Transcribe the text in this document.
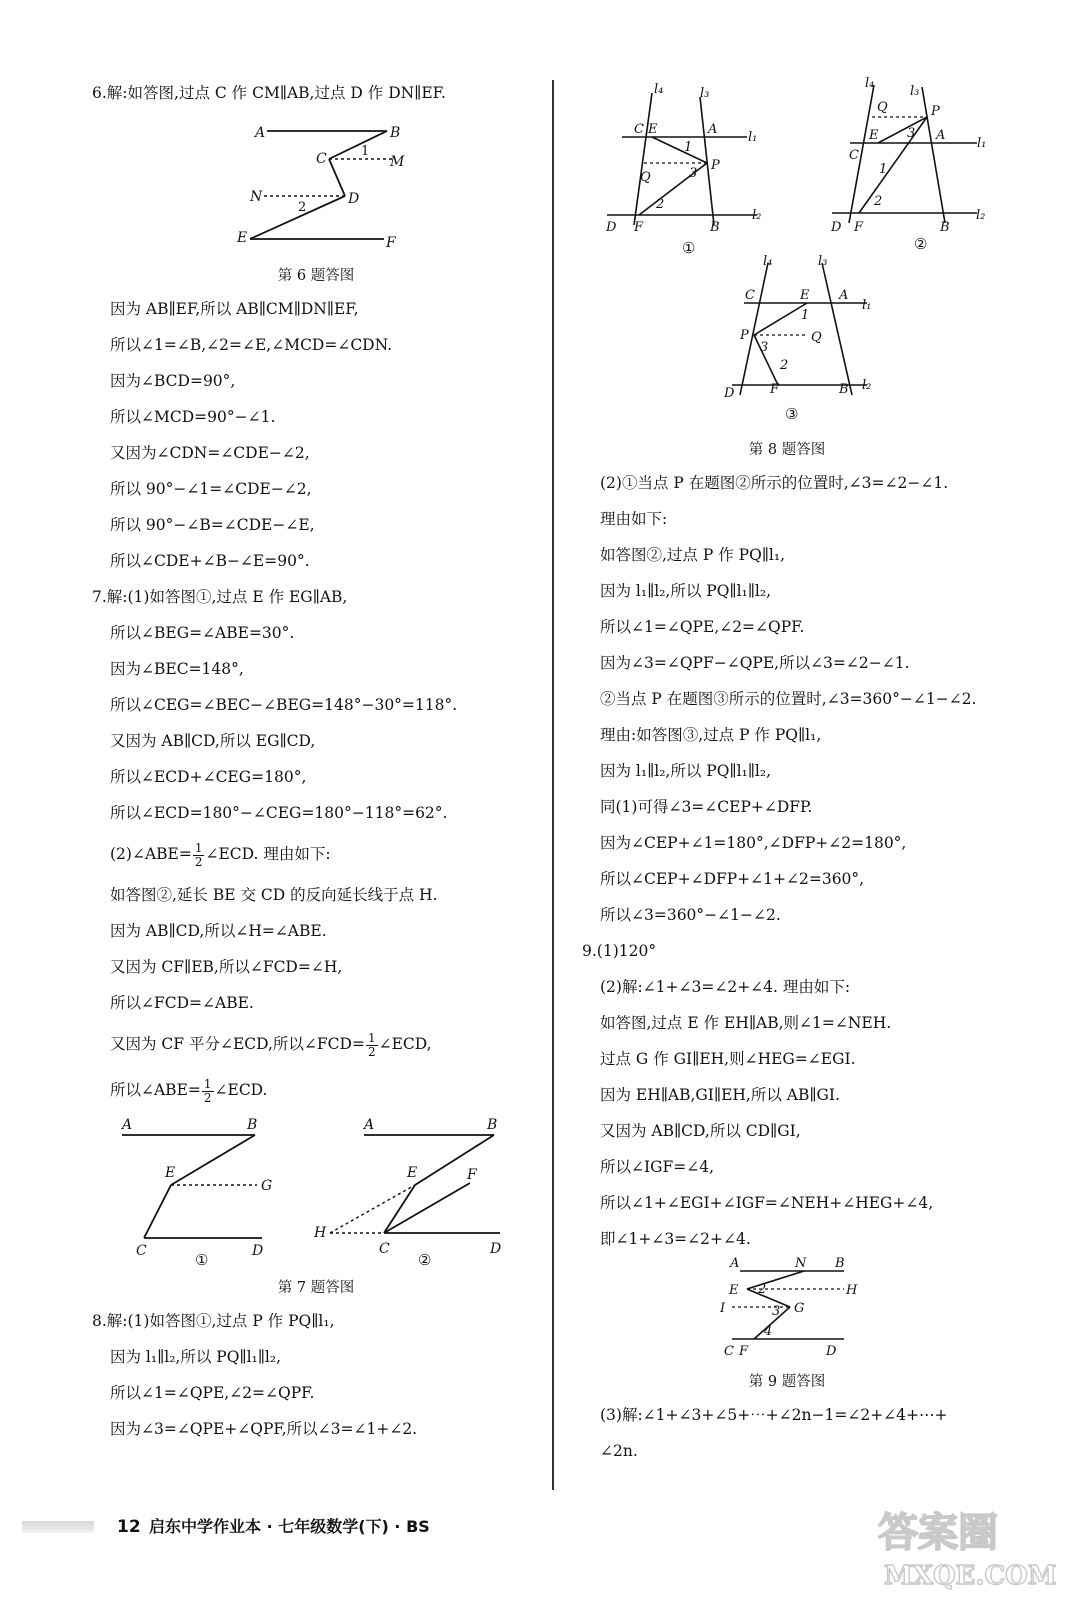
6.解:如答图,过点 C 作 CM∥AB,过点 D 作 DN∥EF.
A	B
C	M
N	D
E	F
1
2
第 6 题答图
因为 AB∥EF,所以 AB∥CM∥DN∥EF,
所以∠1=∠B,∠2=∠E,∠MCD=∠CDN.
因为∠BCD=90°,
所以∠MCD=90°−∠1.
又因为∠CDN=∠CDE−∠2,
所以 90°−∠1=∠CDE−∠2,
所以 90°−∠B=∠CDE−∠E,
所以∠CDE+∠B−∠E=90°.
7.解:(1)如答图①,过点 E 作 EG∥AB,
所以∠BEG=∠ABE=30°.
因为∠BEC=148°,
所以∠CEG=∠BEC−∠BEG=148°−30°=118°.
又因为 AB∥CD,所以 EG∥CD,
所以∠ECD+∠CEG=180°,
所以∠ECD=180°−∠CEG=180°−118°=62°.
(2)∠ABE= $\frac{1}{2}$ ∠ECD. 理由如下:
如答图②,延长 BE 交 CD 的反向延长线于点 H.
因为 AB∥CD,所以∠H=∠ABE.
又因为 CF∥EB,所以∠FCD=∠H,
所以∠FCD=∠ABE.
又因为 CF 平分∠ECD,所以∠FCD= $\frac{1}{2}$ ∠ECD,
所以∠ABE= $\frac{1}{2}$ ∠ECD.
A	B
E
G
C	D
①
A	B
E	F
H
C	D
②
第 7 题答图
8.解:(1)如答图①,过点 P 作 PQ∥l₁,
因为 l₁∥l₂,所以 PQ∥l₁∥l₂,
所以∠1=∠QPE,∠2=∠QPF.
因为∠3=∠QPE+∠QPF,所以∠3=∠1+∠2.
l₄	l₃
C E	A
l₁
1
P
Q	3
2
D F	B
l₂
①
l₄
l₃
Q	P
E	A
l₁
C
3
1
2
D F	B
l₂
②
l₄	l₃
C	E A
l₁
1
P	Q
3
2
D	F	B l₂
③
第 8 题答图
(2)①当点 P 在题图②所示的位置时,∠3=∠2−∠1.
理由如下:
如答图②,过点 P 作 PQ∥l₁,
因为 l₁∥l₂,所以 PQ∥l₁∥l₂,
所以∠1=∠QPE,∠2=∠QPF.
因为∠3=∠QPF−∠QPE,所以∠3=∠2−∠1.
②当点 P 在题图③所示的位置时,∠3=360°−∠1−∠2.
理由:如答图③,过点 P 作 PQ∥l₁,
因为 l₁∥l₂,所以 PQ∥l₁∥l₂,
同(1)可得∠3=∠CEP+∠DFP.
因为∠CEP+∠1=180°,∠DFP+∠2=180°,
所以∠CEP+∠DFP+∠1+∠2=360°,
所以∠3=360°−∠1−∠2.
9.(1)120°
(2)解:∠1+∠3=∠2+∠4. 理由如下:
如答图,过点 E 作 EH∥AB,则∠1=∠NEH.
过点 G 作 GI∥EH,则∠HEG=∠EGI.
因为 EH∥AB,GI∥EH,所以 AB∥GI.
又因为 AB∥CD,所以 CD∥GI,
所以∠IGF=∠4,
所以∠1+∠EGI+∠IGF=∠NEH+∠HEG+∠4,
即∠1+∠3=∠2+∠4.
A	N B
E 2	H
I	3 G
4
C F	D
第 9 题答图
(3)解:∠1+∠3+∠5+⋯+∠2n−1=∠2+∠4+⋯+
∠2n.
12 启东中学作业本 · 七年级数学(下) · BS	答案圈
MXQE.COM
